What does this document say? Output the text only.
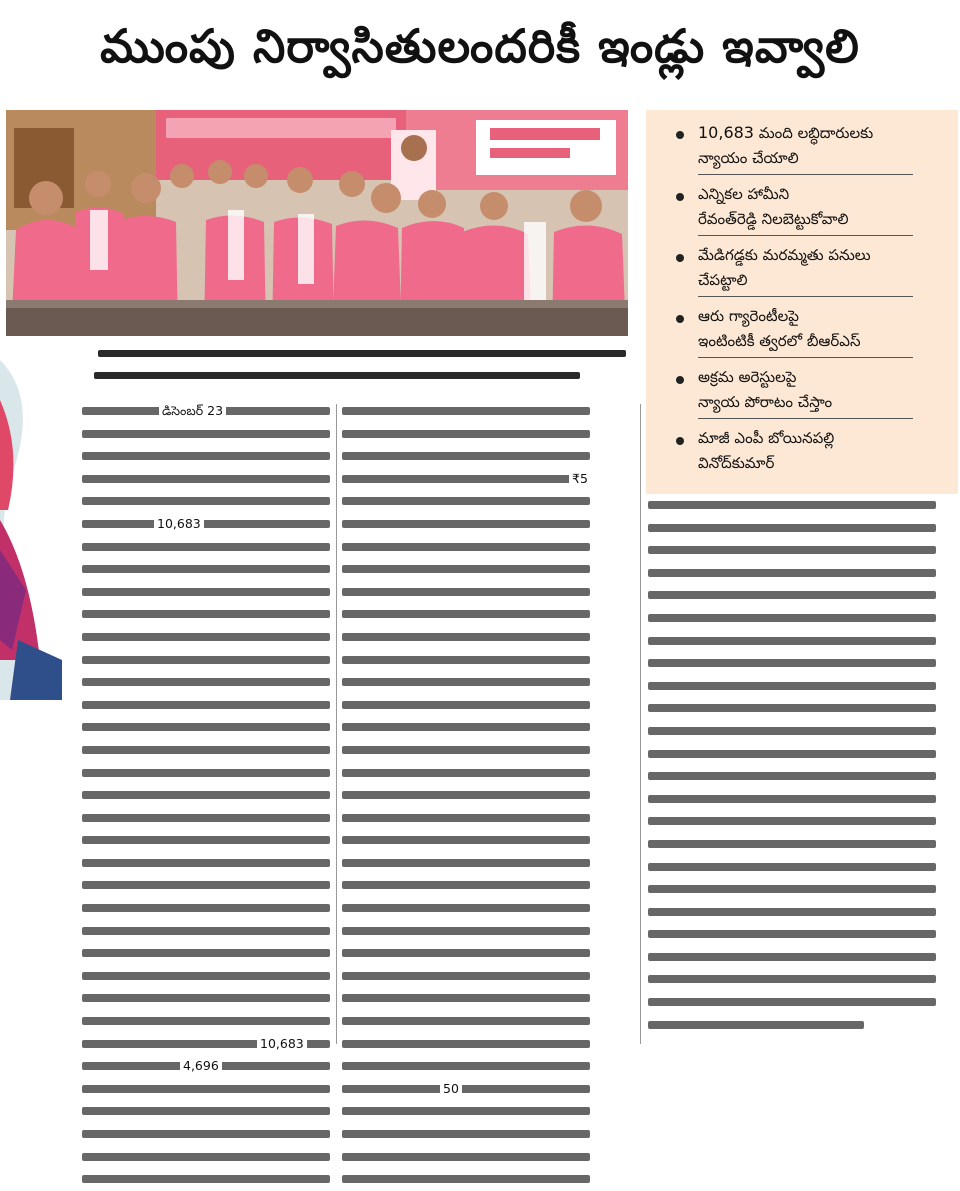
ముంపు నిర్వాసితులందరికీ ఇండ్లు ఇవ్వాలి
10,683 మంది లబ్ధిదారులకు
న్యాయం చేయాలి
ఎన్నికల హామీని
రేవంత్‌రెడ్డి నిలబెట్టుకోవాలి
మేడిగడ్డకు మరమ్మతు పనులు
చేపట్టాలి
ఆరు గ్యారెంటీలపై
ఇంటింటికీ త్వరలో బీఆర్‌ఎస్
అక్రమ అరెస్టులపై
న్యాయ పోరాటం చేస్తాం
మాజీ ఎంపీ బోయినపల్లి
వినోద్‌కుమార్
డిసెంబర్ 23
10,683
10,683
4,696
₹5
50
